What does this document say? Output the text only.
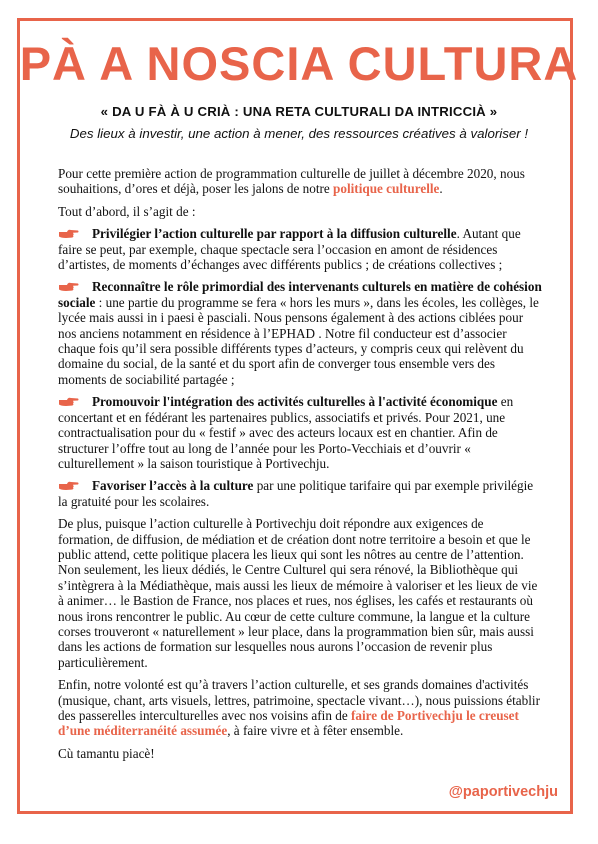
PÀ A NOSCIA CULTURA
« DA U FÀ À U CRIÀ : UNA RETA CULTURALI DA INTRICCIÀ »
Des lieux à investir, une action à mener, des ressources créatives à valoriser !

Pour cette première action de programmation culturelle de juillet à décembre 2020, nous souhaitions, d’ores et déjà, poser les jalons de notre politique culturelle.

Tout d’abord, il s’agit de :

Privilégier l’action culturelle par rapport à la diffusion culturelle. Autant que faire se peut, par exemple, chaque spectacle sera l’occasion en amont de résidences d’artistes, de moments d’échanges avec différents publics ; de créations collectives ;

Reconnaître le rôle primordial des intervenants culturels en matière de cohésion sociale : une partie du programme se fera « hors les murs », dans les écoles, les collèges, le lycée mais aussi in i paesi è pasciali. Nous pensons également à des actions ciblées pour nos anciens notamment en résidence à l’EPHAD . Notre fil conducteur est d’associer chaque fois qu’il sera possible différents types d’acteurs, y compris ceux qui relèvent du domaine du social, de la santé et du sport afin de converger tous ensemble vers des moments de sociabilité partagée ;

Promouvoir l'intégration des activités culturelles à l'activité économique en concertant et en fédérant les partenaires publics, associatifs et privés. Pour 2021, une contractualisation pour du « festif » avec des acteurs locaux est en chantier. Afin de structurer l’offre tout au long de l’année pour les Porto-Vecchiais et d’ouvrir « culturellement » la saison touristique à Portivechju.

Favoriser l’accès à la culture par une politique tarifaire qui par exemple privilégie la gratuité pour les scolaires.

De plus, puisque l’action culturelle à Portivechju doit répondre aux exigences de formation, de diffusion, de médiation et de création dont notre territoire a besoin et que le public attend, cette politique placera les lieux qui sont les nôtres au centre de l’attention. Non seulement, les lieux dédiés, le Centre Culturel qui sera rénové, la Bibliothèque qui s’intègrera à la Médiathèque, mais aussi les lieux de mémoire à valoriser et les lieux de vie à animer… le Bastion de France, nos places et rues, nos églises, les cafés et restaurants où nous irons rencontrer le public. Au cœur de cette culture commune, la langue et la culture corses trouveront « naturellement » leur place, dans la programmation bien sûr, mais aussi dans les actions de formation sur lesquelles nous aurons l’occasion de revenir plus particulièrement.

Enfin, notre volonté est qu’à travers l’action culturelle, et ses grands domaines d'activités (musique, chant, arts visuels, lettres, patrimoine, spectacle vivant…), nous puissions établir des passerelles interculturelles avec nos voisins afin de faire de Portivechju le creuset d’une méditerranéité assumée, à faire vivre et à fêter ensemble.

Cù tamantu piacè!

@paportivechju
